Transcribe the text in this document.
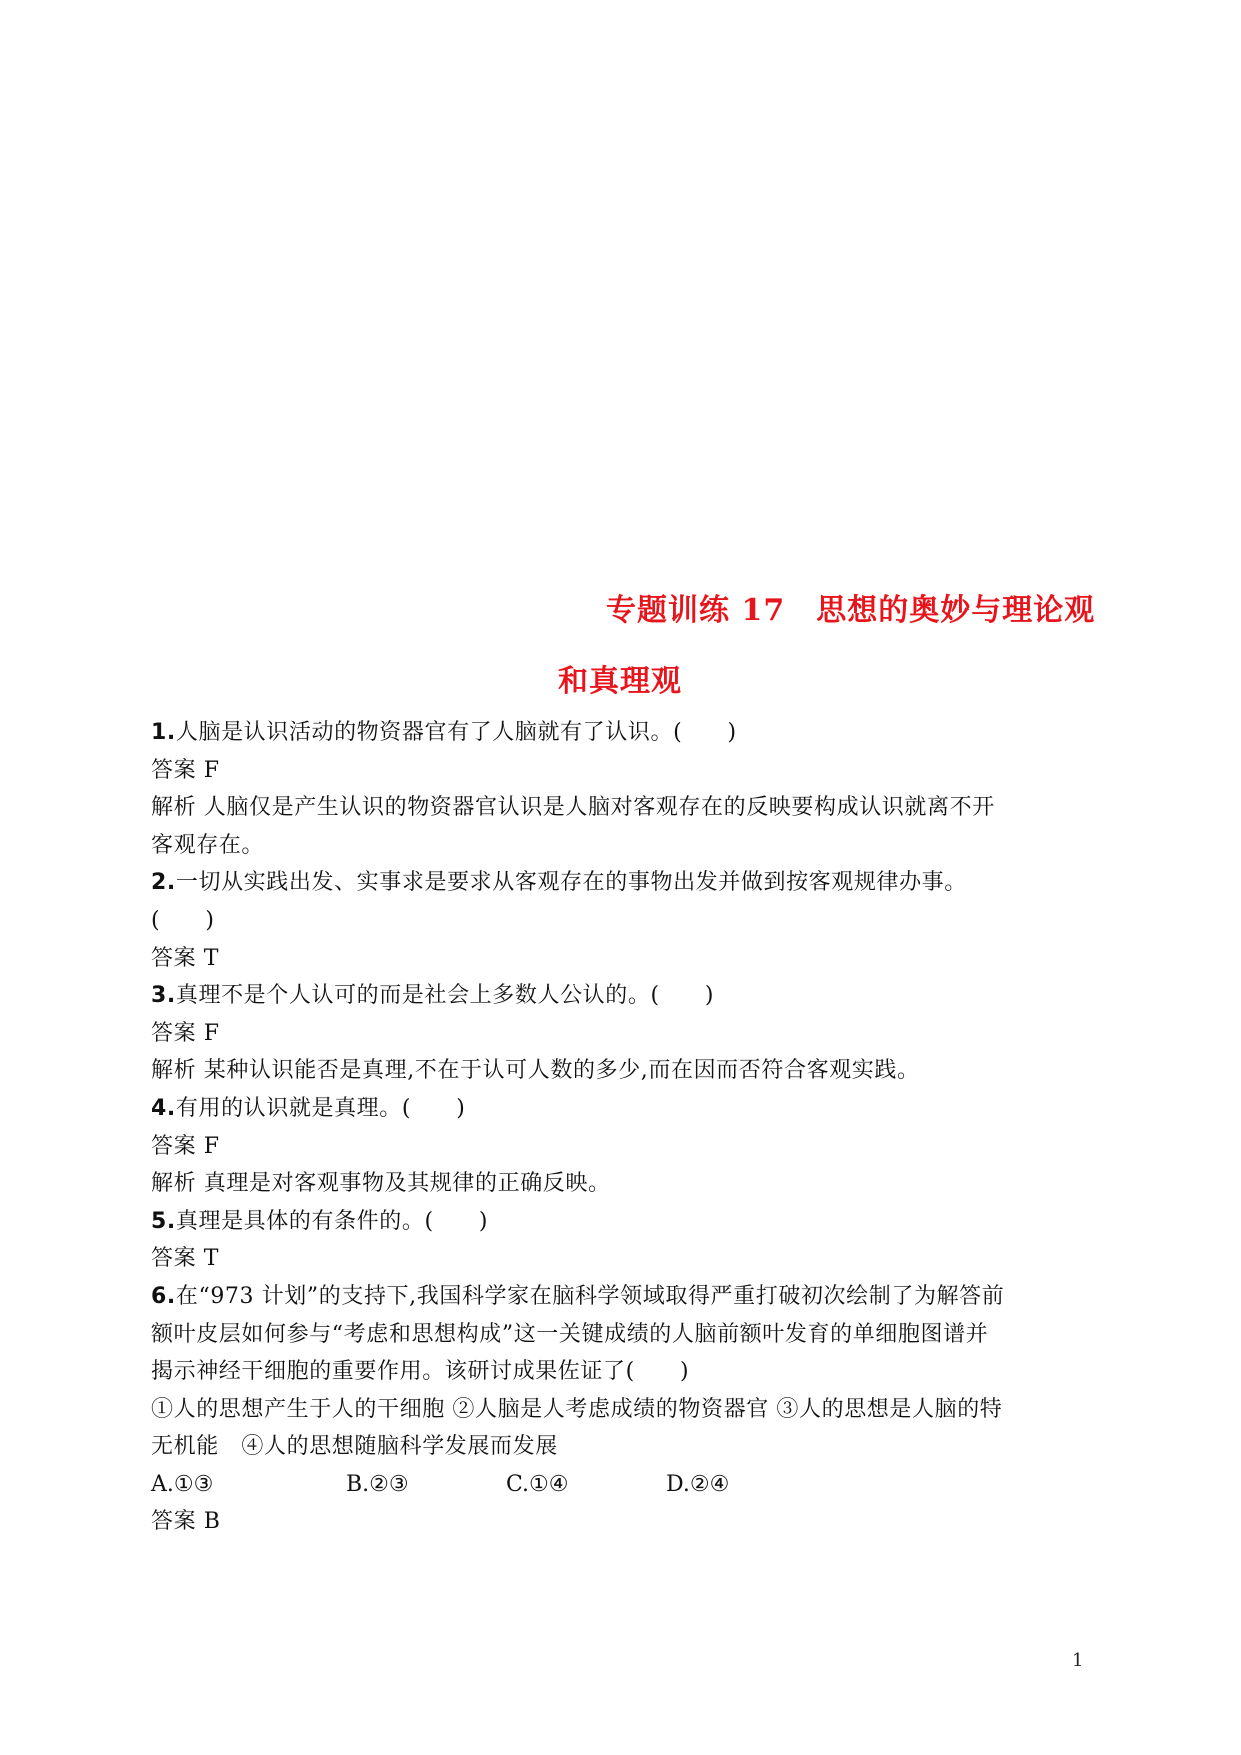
专题训练 17　思想的奥妙与理论观
和真理观
1.人脑是认识活动的物资器官有了人脑就有了认识。(　　)
答案 F
解析 人脑仅是产生认识的物资器官认识是人脑对客观存在的反映要构成认识就离不开
客观存在。
2.一切从实践出发、实事求是要求从客观存在的事物出发并做到按客观规律办事。
(　　)
答案 T
3.真理不是个人认可的而是社会上多数人公认的。(　　)
答案 F
解析 某种认识能否是真理,不在于认可人数的多少,而在因而否符合客观实践。
4.有用的认识就是真理。(　　)
答案 F
解析 真理是对客观事物及其规律的正确反映。
5.真理是具体的有条件的。(　　)
答案 T
6.在“973 计划”的支持下,我国科学家在脑科学领域取得严重打破初次绘制了为解答前
额叶皮层如何参与“考虑和思想构成”这一关键成绩的人脑前额叶发育的单细胞图谱并
揭示神经干细胞的重要作用。该研讨成果佐证了(　　)
①人的思想产生于人的干细胞 ②人脑是人考虑成绩的物资器官 ③人的思想是人脑的特
无机能　④人的思想随脑科学发展而发展
A.①③	B.②③	C.①④	D.②④
答案 B
1
